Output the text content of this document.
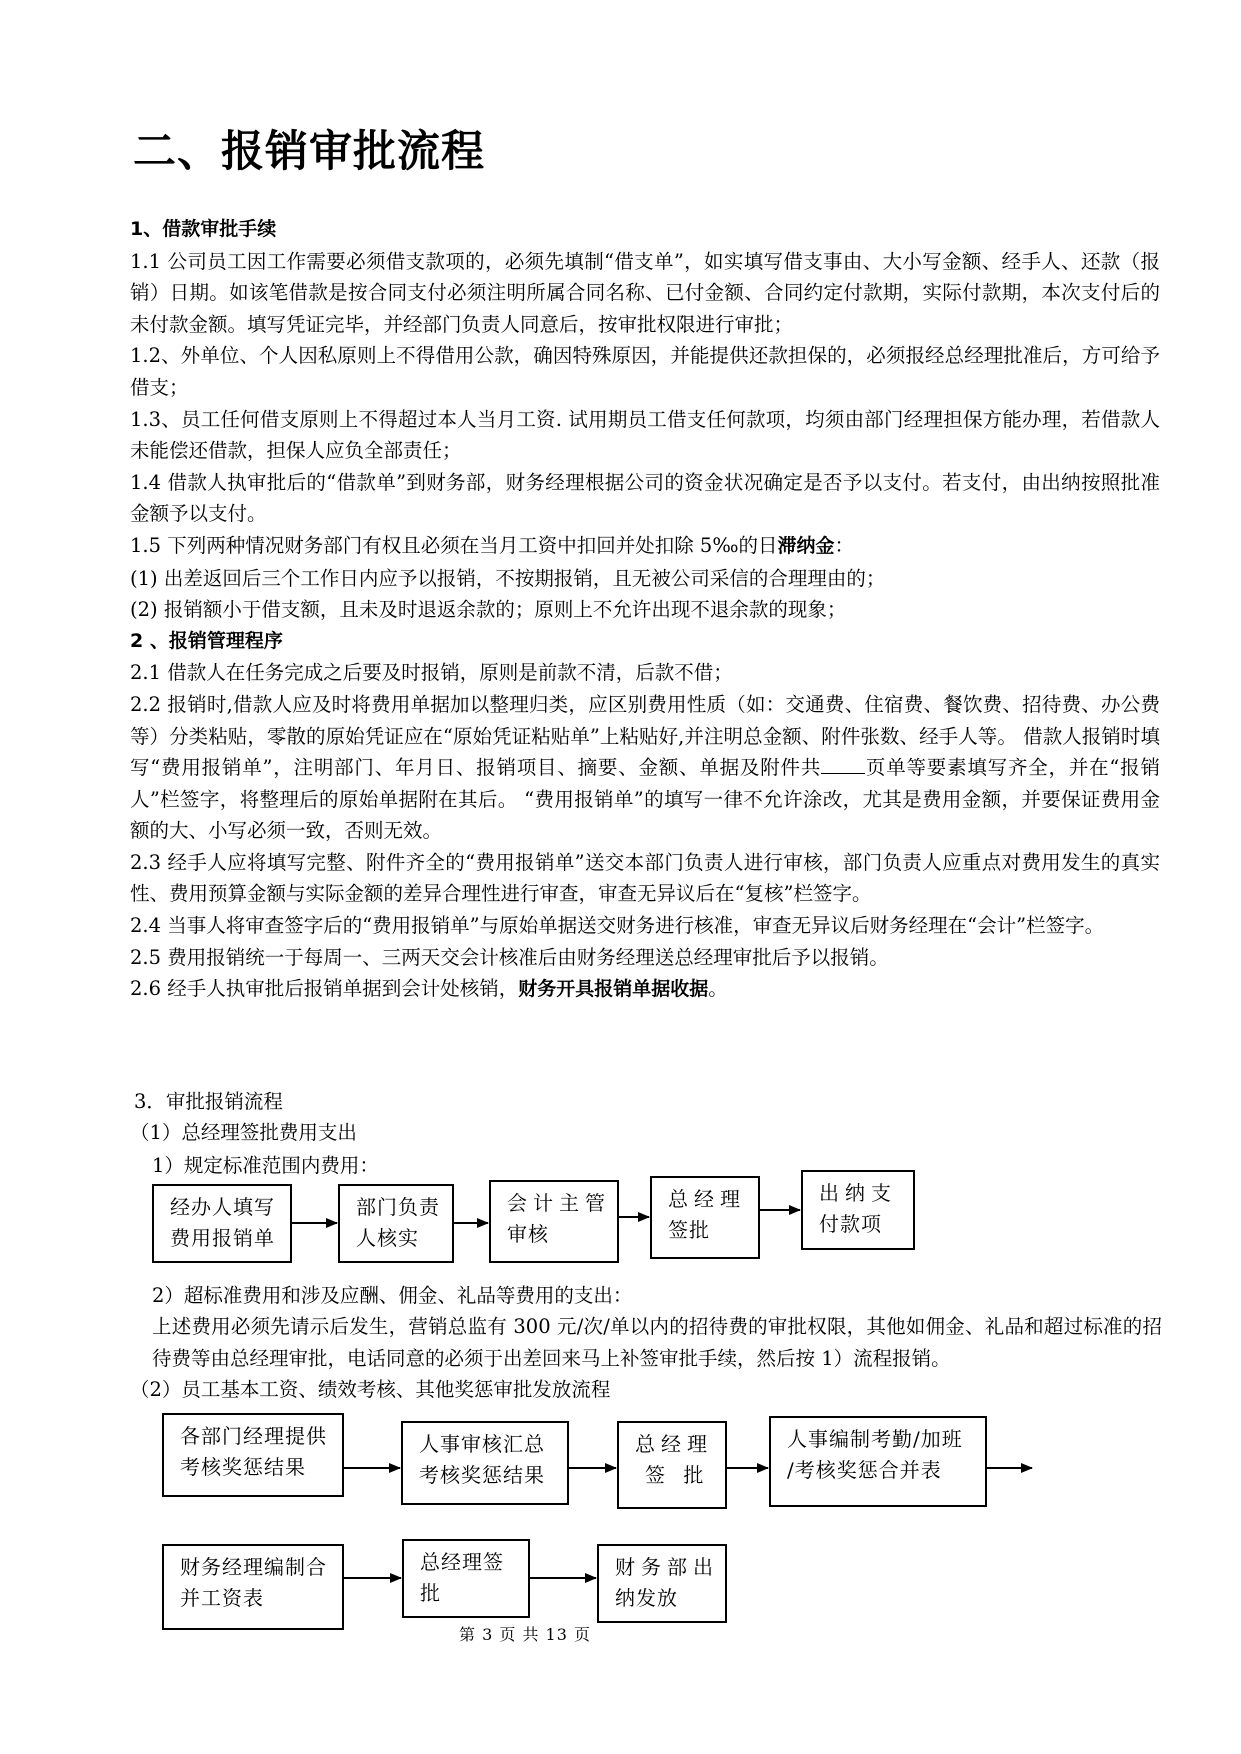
二、报销审批流程

1、借款审批手续

1.1 公司员工因工作需要必须借支款项的，必须先填制“借支单”，如实填写借支事由、大小写金额、经手人、还款（报销）日期。如该笔借款是按合同支付必须注明所属合同名称、已付金额、合同约定付款期，实际付款期，本次支付后的未付款金额。填写凭证完毕，并经部门负责人同意后，按审批权限进行审批；

1.2、外单位、个人因私原则上不得借用公款，确因特殊原因，并能提供还款担保的，必须报经总经理批准后，方可给予借支；

1.3、员工任何借支原则上不得超过本人当月工资. 试用期员工借支任何款项，均须由部门经理担保方能办理，若借款人未能偿还借款，担保人应负全部责任；

1.4 借款人执审批后的“借款单”到财务部，财务经理根据公司的资金状况确定是否予以支付。若支付，由出纳按照批准金额予以支付。

1.5 下列两种情况财务部门有权且必须在当月工资中扣回并处扣除 5‰的日滞纳金：

(1) 出差返回后三个工作日内应予以报销，不按期报销，且无被公司采信的合理理由的；

(2) 报销额小于借支额，且未及时退返余款的；原则上不允许出现不退余款的现象；

2 、报销管理程序

2.1 借款人在任务完成之后要及时报销，原则是前款不清，后款不借；

2.2 报销时,借款人应及时将费用单据加以整理归类，应区别费用性质（如：交通费、住宿费、餐饮费、招待费、办公费等）分类粘贴，零散的原始凭证应在“原始凭证粘贴单”上粘贴好,并注明总金额、附件张数、经手人等。 借款人报销时填写“费用报销单”，注明部门、年月日、报销项目、摘要、金额、单据及附件共 页单等要素填写齐全，并在“报销人”栏签字，将整理后的原始单据附在其后。 “费用报销单”的填写一律不允许涂改，尤其是费用金额，并要保证费用金额的大、小写必须一致，否则无效。

2.3 经手人应将填写完整、附件齐全的“费用报销单”送交本部门负责人进行审核，部门负责人应重点对费用发生的真实性、费用预算金额与实际金额的差异合理性进行审查，审查无异议后在“复核”栏签字。

2.4 当事人将审查签字后的“费用报销单”与原始单据送交财务进行核准，审查无异议后财务经理在“会计”栏签字。

2.5 费用报销统一于每周一、三两天交会计核准后由财务经理送总经理审批后予以报销。

2.6 经手人执审批后报销单据到会计处核销，财务开具报销单据收据。

3．审批报销流程
（1）总经理签批费用支出
1）规定标准范围内费用：
经办人填写
费用报销单
部门负责
人核实
会计主管
审核
总经理
签批
出纳支
付款项
2）超标准费用和涉及应酬、佣金、礼品等费用的支出：
上述费用必须先请示后发生，营销总监有 300 元/次/单以内的招待费的审批权限，其他如佣金、礼品和超过标准的招待费等由总经理审批，电话同意的必须于出差回来马上补签审批手续，然后按 1）流程报销。
（2）员工基本工资、绩效考核、其他奖惩审批发放流程
各部门经理提供
考核奖惩结果
人事审核汇总
考核奖惩结果
总经理
签 批
人事编制考勤/加班
/考核奖惩合并表
财务经理编制合
并工资表
总经理签
批
财务部出
纳发放
第 3 页 共 13 页
